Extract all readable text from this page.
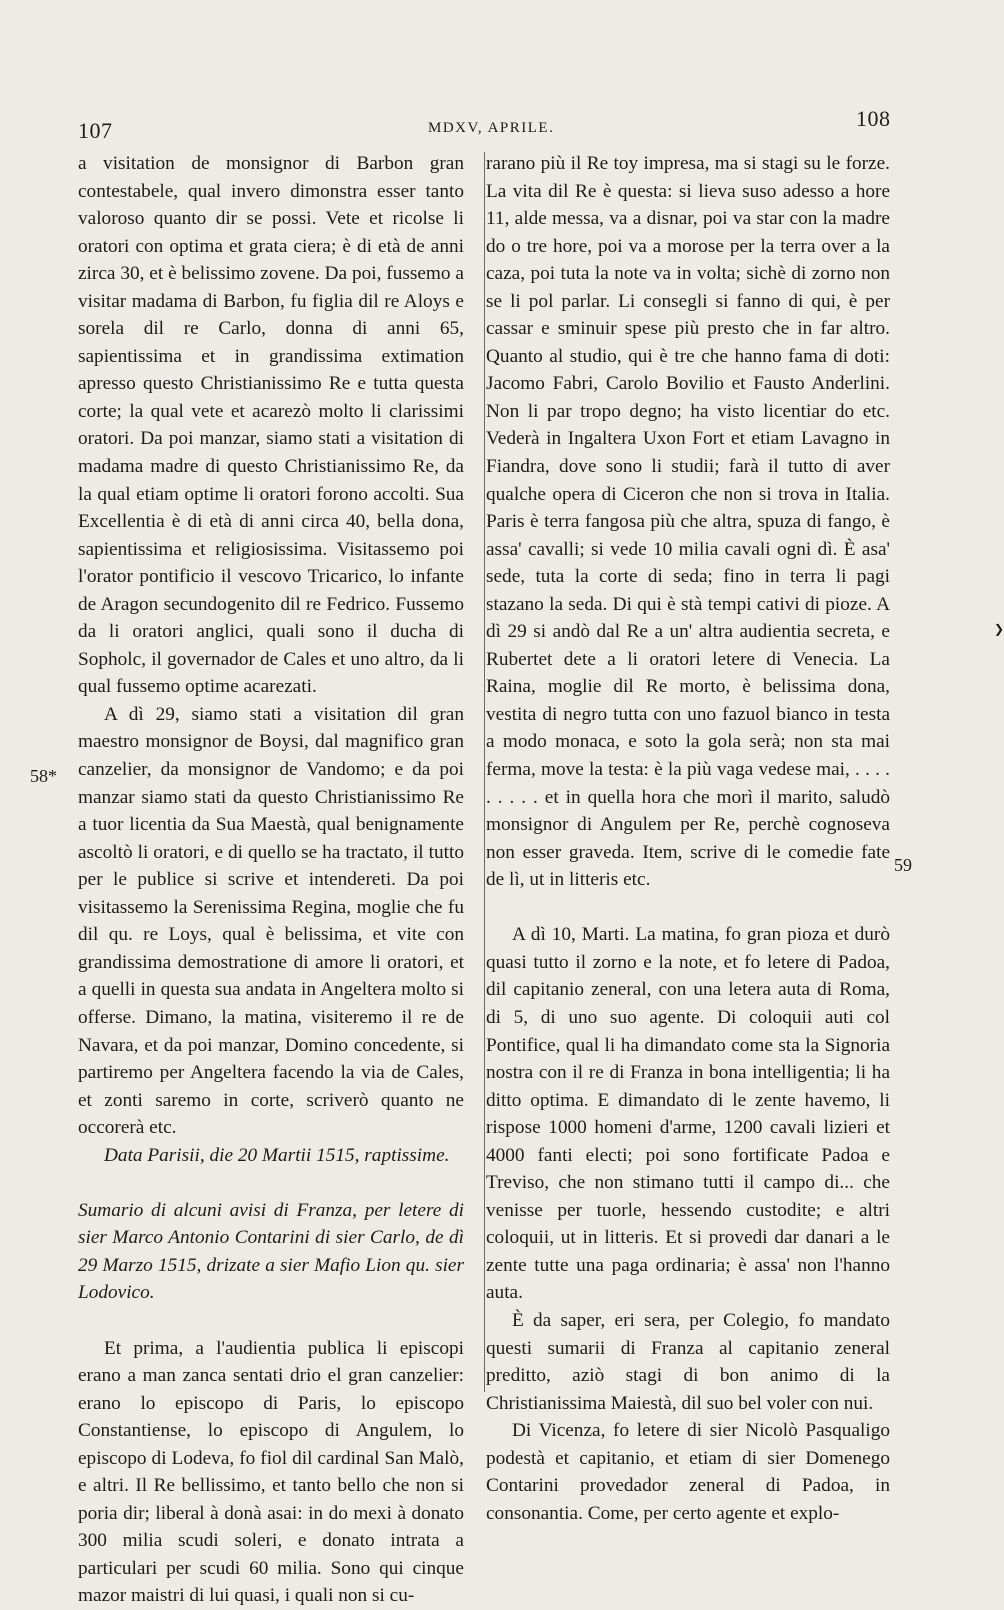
107	MDXV, APRILE.	108
58*
59
❯

a visitation de monsignor di Barbon gran contestabele, qual invero dimonstra esser tanto valoroso quanto dir se possi. Vete et ricolse li oratori con optima et grata ciera; è di età de anni zirca 30, et è belissimo zovene. Da poi, fussemo a visitar madama di Barbon, fu figlia dil re Aloys e sorela dil re Carlo, donna di anni 65, sapientissima et in grandissima extimation apresso questo Christianissimo Re e tutta questa corte; la qual vete et acarezò molto li clarissimi oratori. Da poi manzar, siamo stati a visitation di madama madre di questo Christianissimo Re, da la qual etiam optime li oratori forono accolti. Sua Excellentia è di età di anni circa 40, bella dona, sapientissima et religiosissima. Visitassemo poi l'orator pontificio il vescovo Tricarico, lo infante de Aragon secundogenito dil re Fedrico. Fussemo da li oratori anglici, quali sono il ducha di Sopholc, il governador de Cales et uno altro, da li qual fussemo optime acarezati.

A dì 29, siamo stati a visitation dil gran maestro monsignor de Boysi, dal magnifico gran canzelier, da monsignor de Vandomo; e da poi manzar siamo stati da questo Christianissimo Re a tuor licentia da Sua Maestà, qual benignamente ascoltò li oratori, e di quello se ha tractato, il tutto per le publice si scrive et intendereti. Da poi visitassemo la Serenissima Regina, moglie che fu dil qu. re Loys, qual è belissima, et vite con grandissima demostratione di amore li oratori, et a quelli in questa sua andata in Angeltera molto si offerse. Dimano, la matina, visiteremo il re de Navara, et da poi manzar, Domino concedente, si partiremo per Angeltera facendo la via de Cales, et zonti saremo in corte, scriverò quanto ne occorerà etc.

Data Parisii, die 20 Martii 1515, raptissime.

Sumario di alcuni avisi di Franza, per letere di sier Marco Antonio Contarini di sier Carlo, de dì 29 Marzo 1515, drizate a sier Mafio Lion qu. sier Lodovico.

Et prima, a l'audientia publica li episcopi erano a man zanca sentati drio el gran canzelier: erano lo episcopo di Paris, lo episcopo Constantiense, lo episcopo di Angulem, lo episcopo di Lodeva, fo fiol dil cardinal San Malò, e altri. Il Re bellissimo, et tanto bello che non si poria dir; liberal à donà asai: in do mexi à donato 300 milia scudi soleri, e donato intrata a particulari per scudi 60 milia. Sono qui cinque mazor maistri di lui quasi, i quali non si cu-

rarano più il Re toy impresa, ma si stagi su le forze. La vita dil Re è questa: si lieva suso adesso a hore 11, alde messa, va a disnar, poi va star con la madre do o tre hore, poi va a morose per la terra over a la caza, poi tuta la note va in volta; sichè di zorno non se li pol parlar. Li consegli si fanno di qui, è per cassar e sminuir spese più presto che in far altro. Quanto al studio, qui è tre che hanno fama di doti: Jacomo Fabri, Carolo Bovilio et Fausto Anderlini. Non li par tropo degno; ha visto licentiar do etc. Vederà in Ingaltera Uxon Fort et etiam Lavagno in Fiandra, dove sono li studii; farà il tutto di aver qualche opera di Ciceron che non si trova in Italia. Paris è terra fangosa più che altra, spuza di fango, è assa' cavalli; si vede 10 milia cavali ogni dì. È asa' sede, tuta la corte di seda; fino in terra li pagi stazano la seda. Di qui è stà tempi cativi di pioze. A dì 29 si andò dal Re a un' altra audientia secreta, e Rubertet dete a li oratori letere di Venecia. La Raina, moglie dil Re morto, è belissima dona, vestita di negro tutta con uno fazuol bianco in testa a modo monaca, e soto la gola serà; non sta mai ferma, move la testa: è la più vaga vedese mai, . . . . . . . . . et in quella hora che morì il marito, saludò monsignor di Angulem per Re, perchè cognoseva non esser graveda. Item, scrive di le comedie fate de lì, ut in litteris etc.

A dì 10, Marti. La matina, fo gran pioza et durò quasi tutto il zorno e la note, et fo letere di Padoa, dil capitanio zeneral, con una letera auta di Roma, di 5, di uno suo agente. Di coloquii auti col Pontifice, qual li ha dimandato come sta la Signoria nostra con il re di Franza in bona intelligentia; li ha ditto optima. E dimandato di le zente havemo, li rispose 1000 homeni d'arme, 1200 cavali lizieri et 4000 fanti electi; poi sono fortificate Padoa e Treviso, che non stimano tutti il campo di... che venisse per tuorle, hessendo custodite; e altri coloquii, ut in litteris. Et si provedi dar danari a le zente tutte una paga ordinaria; è assa' non l'hanno auta.

È da saper, eri sera, per Colegio, fo mandato questi sumarii di Franza al capitanio zeneral preditto, aziò stagi di bon animo di la Christianissima Maiestà, dil suo bel voler con nui.

Di Vicenza, fo letere di sier Nicolò Pasqualigo podestà et capitanio, et etiam di sier Domenego Contarini provedador zeneral di Padoa, in consonantia. Come, per certo agente et explo-
